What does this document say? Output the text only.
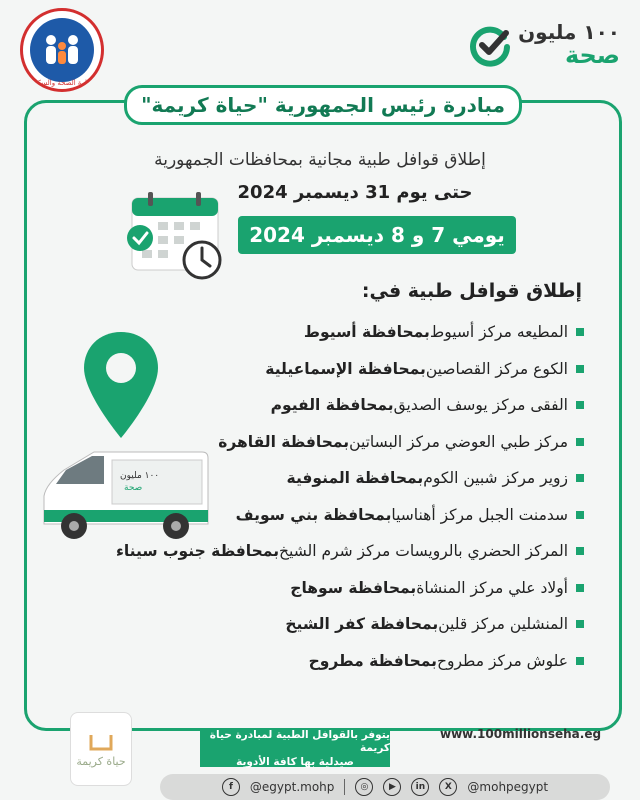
وزارة الصحة والسكان
١٠٠ مليون
صحة
مبادرة رئيس الجمهورية "حياة كريمة"
إطلاق قوافل طبية مجانية بمحافظات الجمهورية
حتى يوم 31 ديسمبر 2024
يومي 7 و 8 ديسمبر 2024
إطلاق قوافل طبية في:
المطيعه مركز أسيوط
بمحافظة أسيوط
الكوع مركز القصاصين
بمحافظة الإسماعيلية
الفقى مركز يوسف الصديق
بمحافظة الفيوم
مركز طبي العوضي مركز البساتين
بمحافظة القاهرة
زوير مركز شبين الكوم
بمحافظة المنوفية
سدمنت الجبل مركز أهناسيا
بمحافظة بني سويف
المركز الحضري بالرويسات مركز شرم الشيخ
بمحافظة جنوب سيناء
أولاد علي مركز المنشاة
بمحافظة سوهاج
المنشلين مركز قلين
بمحافظة كفر الشيخ
علوش مركز مطروح
بمحافظة مطروح
١٠٠ مليون
صحة
حياة كريمة
يتوفر بالقوافل الطبية لمبادرة حياة كريمة
صيدلية بها كافة الأدوية
www.100millionseha.eg
f	@egypt.mohp	◎	▶	in	X	@mohpegypt
